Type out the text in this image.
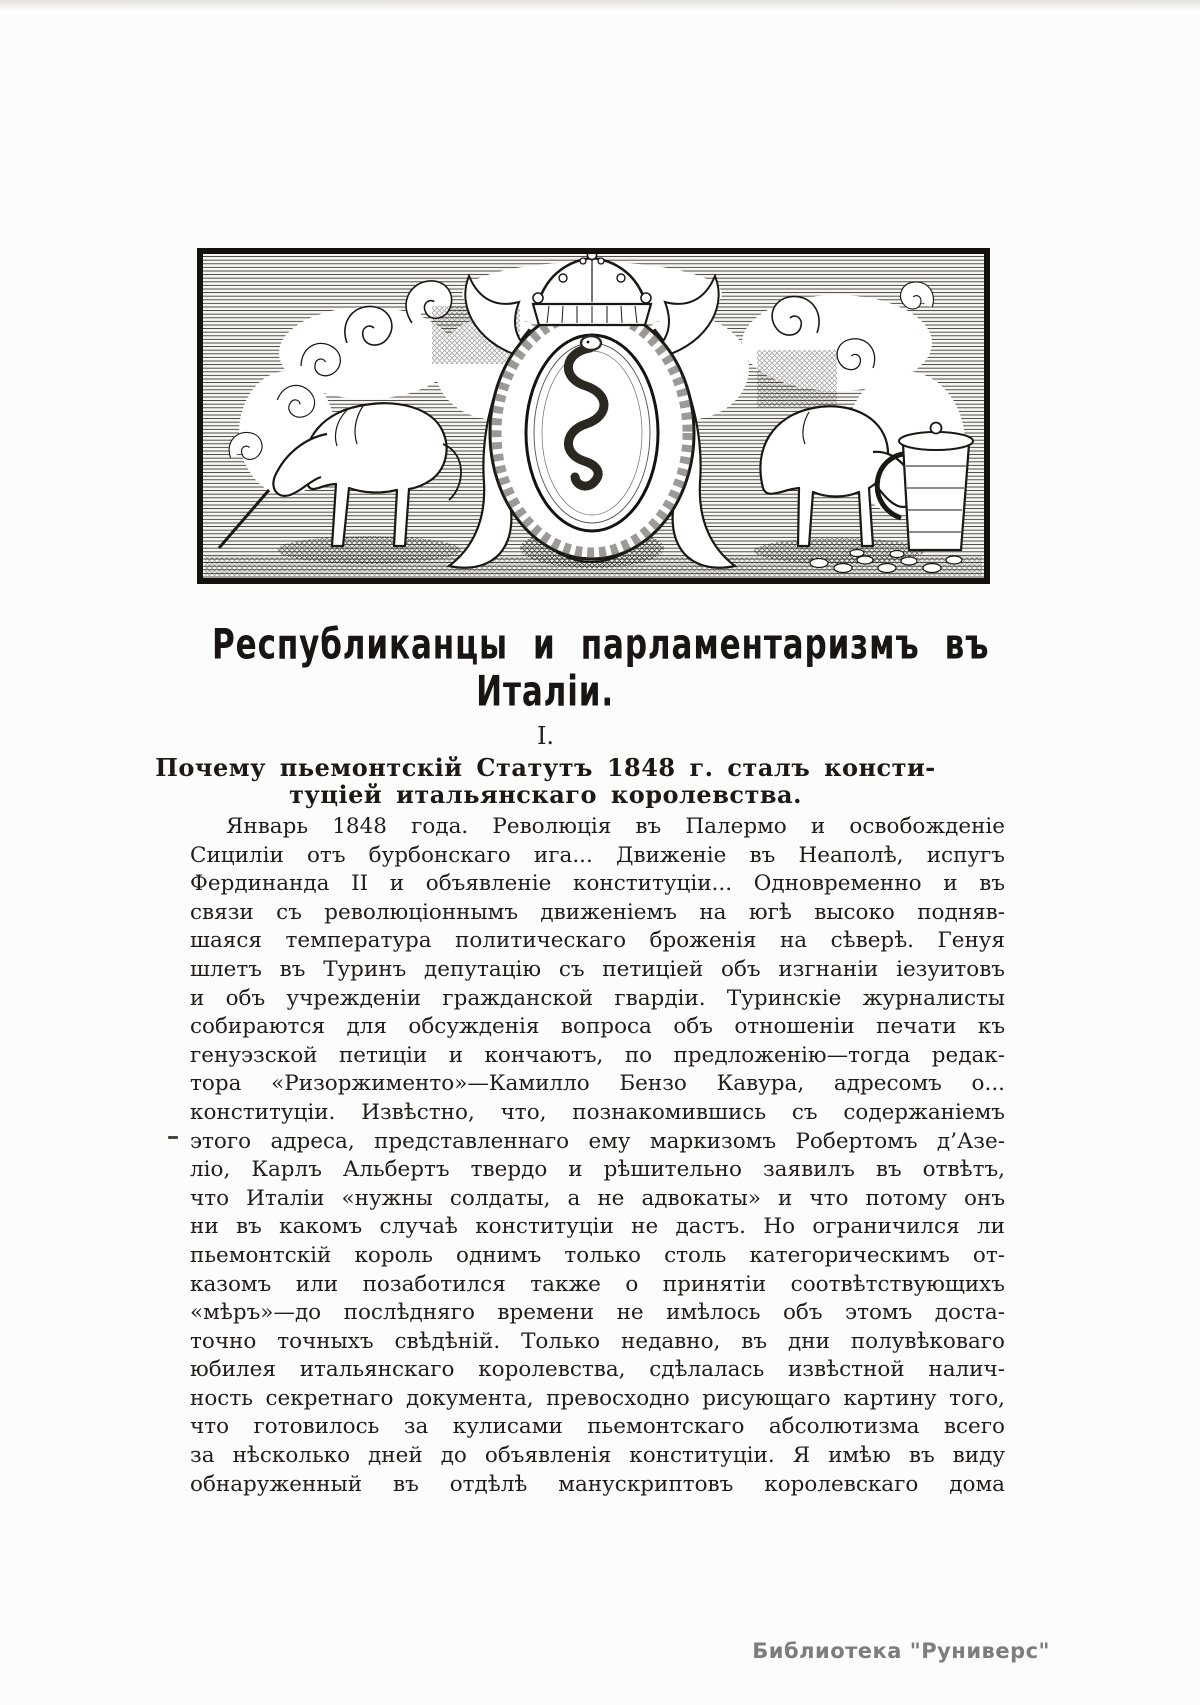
Республиканцы и парламентаризмъ въ
Италіи.
I.
Почему пьемонтскій Статутъ 1848 г. сталъ консти-
туціей итальянскаго королевства.
Январь 1848 года. Революція въ Палермо и освобожденіе
Сициліи отъ бурбонскаго ига... Движеніе въ Неаполѣ, испугъ
Фердинанда II и объявленіе конституціи... Одновременно и въ
связи съ революціоннымъ движеніемъ на югѣ высоко подняв-
шаяся температура политическаго броженія на сѣверѣ. Генуя
шлетъ въ Туринъ депутацію съ петиціей объ изгнаніи іезуитовъ
и объ учрежденіи гражданской гвардіи. Туринскіе журналисты
собираются для обсужденія вопроса объ отношеніи печати къ
генуэзской петиціи и кончаютъ, по предложенію—тогда редак-
тора «Ризоржименто»—Камилло Бензо Кавура, адресомъ о...
конституціи. Извѣстно, что, познакомившись съ содержаніемъ
этого адреса, представленнаго ему маркизомъ Робертомъ д’Азе-
ліо, Карлъ Альбертъ твердо и рѣшительно заявилъ въ отвѣтъ,
что Италіи «нужны солдаты, а не адвокаты» и что потому онъ
ни въ какомъ случаѣ конституціи не дастъ. Но ограничился ли
пьемонтскій король однимъ только столь категорическимъ от-
казомъ или позаботился также о принятіи соотвѣтствующихъ
«мѣръ»—до послѣдняго времени не имѣлось объ этомъ доста-
точно точныхъ свѣдѣній. Только недавно, въ дни полувѣковаго
юбилея итальянскаго королевства, сдѣлалась извѣстной налич-
ность секретнаго документа, превосходно рисующаго картину того,
что готовилось за кулисами пьемонтскаго абсолютизма всего
за нѣсколько дней до объявленія конституціи. Я имѣю въ виду
обнаруженный въ отдѣлѣ манускриптовъ королевскаго дома
Библиотека "Руниверс"
